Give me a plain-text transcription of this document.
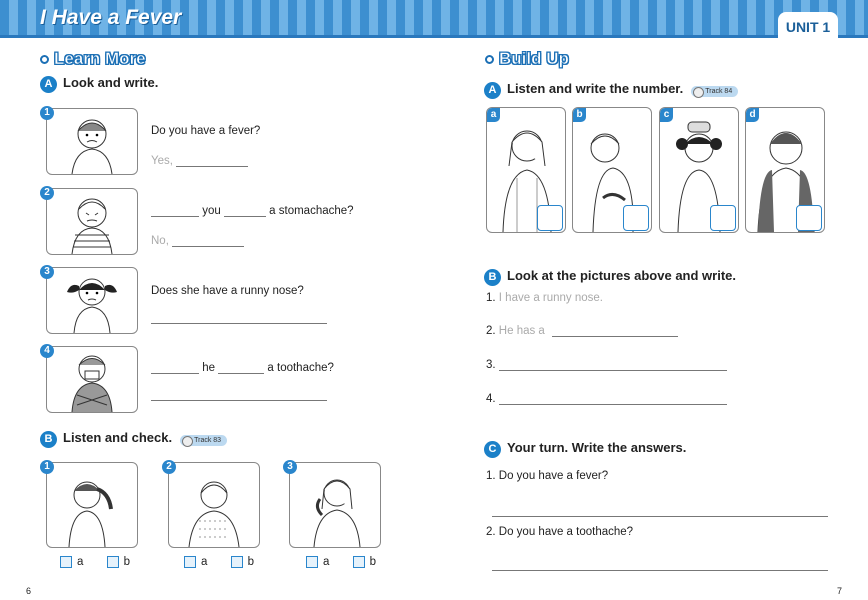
I Have a Fever	UNIT 1
Learn More
A Look and write.
1
Do you have a fever?
Yes,
2
you	a stomachache?
No,
3
Does she have a runny nose?
4
he	a toothache?
B Listen and check.	Track 83
1
a	b
2
a	b
3
a	b
6
Build Up
A Listen and write the number.	Track 84
a	b	c	d
B Look at the pictures above and write.
1. I have a runny nose.
2. He has a
3.
4.
C Your turn. Write the answers.
1. Do you have a fever?
2. Do you have a toothache?
7
